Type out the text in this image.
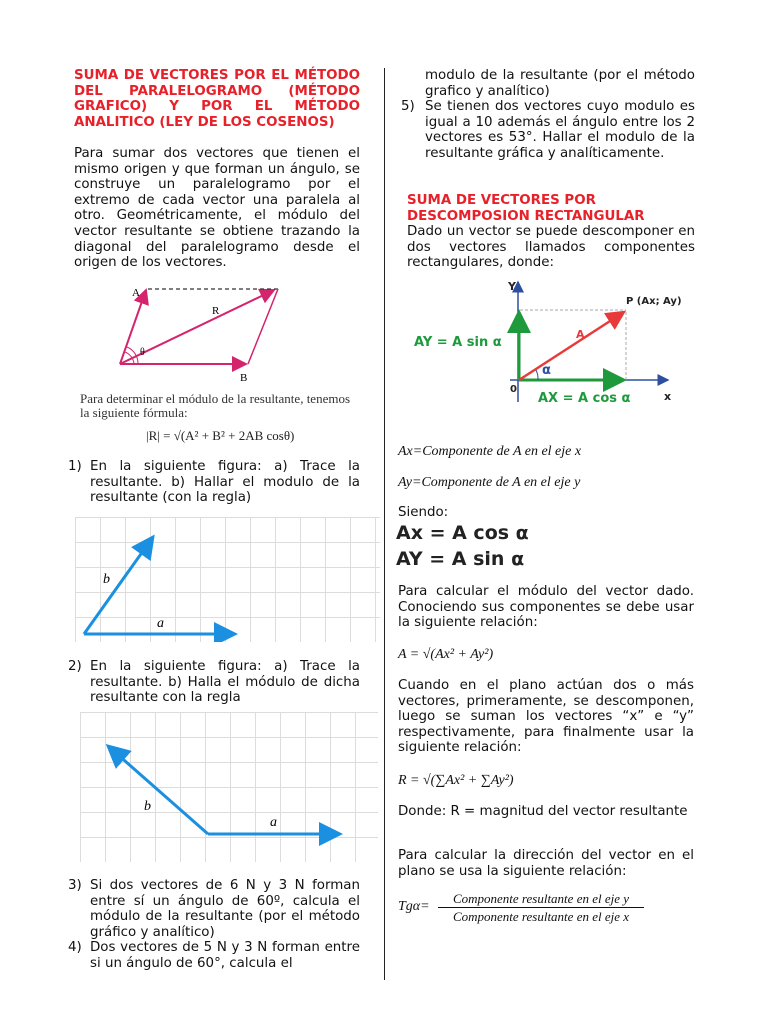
SUMA DE VECTORES POR EL MÉTODO DEL PARALELOGRAMO (MÉTODO GRAFICO) Y POR EL MÉTODO ANALITICO (LEY DE LOS COSENOS)
Para sumar dos vectores que tienen el mismo origen y que forman un ángulo, se construye un paralelogramo por el extremo de cada vector una paralela al otro. Geométricamente, el módulo del vector resultante se obtiene trazando la diagonal del paralelogramo desde el origen de los vectores.
A
B
R
θ
Para determinar el módulo de la resultante, tenemos la siguiente fórmula:
|R| = √(A² + B² + 2AB cosθ)
1) En la siguiente figura: a) Trace la resultante. b) Hallar el modulo de la resultante (con la regla)
b
a
2) En la siguiente figura: a) Trace la resultante. b) Halla el módulo de dicha resultante con la regla
b
a
3) Si dos vectores de 6 N y 3 N forman entre sí un ángulo de 60º, calcula el módulo de la resultante (por el método gráfico y analítico)
4) Dos vectores de 5 N y 3 N forman entre si un ángulo de 60°, calcula el
modulo de la resultante (por el método grafico y analítico)
5) Se tienen dos vectores cuyo modulo es igual a 10 además el ángulo entre los 2 vectores es 53°. Hallar el modulo de la resultante gráfica y analíticamente.
SUMA DE VECTORES POR DESCOMPOSION RECTANGULAR
Dado un vector se puede descomponer en dos vectores llamados componentes rectangulares, donde:
Y
x
0
P (Ax; Ay)
A
α
AY = A sin α
AX = A cos α
Ax=Componente de A en el eje x
Ay=Componente de A en el eje y
Siendo:
Ax = A cos α
AY = A sin α
Para calcular el módulo del vector dado. Conociendo sus componentes se debe usar la siguiente relación:
A = √(Ax² + Ay²)
Cuando en el plano actúan dos o más vectores, primeramente, se descomponen, luego se suman los vectores “x” e “y” respectivamente, para finalmente usar la siguiente relación:
R = √(∑Ax² + ∑Ay²)
Donde: R = magnitud del vector resultante
Para calcular la dirección del vector en el plano se usa la siguiente relación:
Tgα=
Componente resultante en el eje y
Componente resultante en el eje x
